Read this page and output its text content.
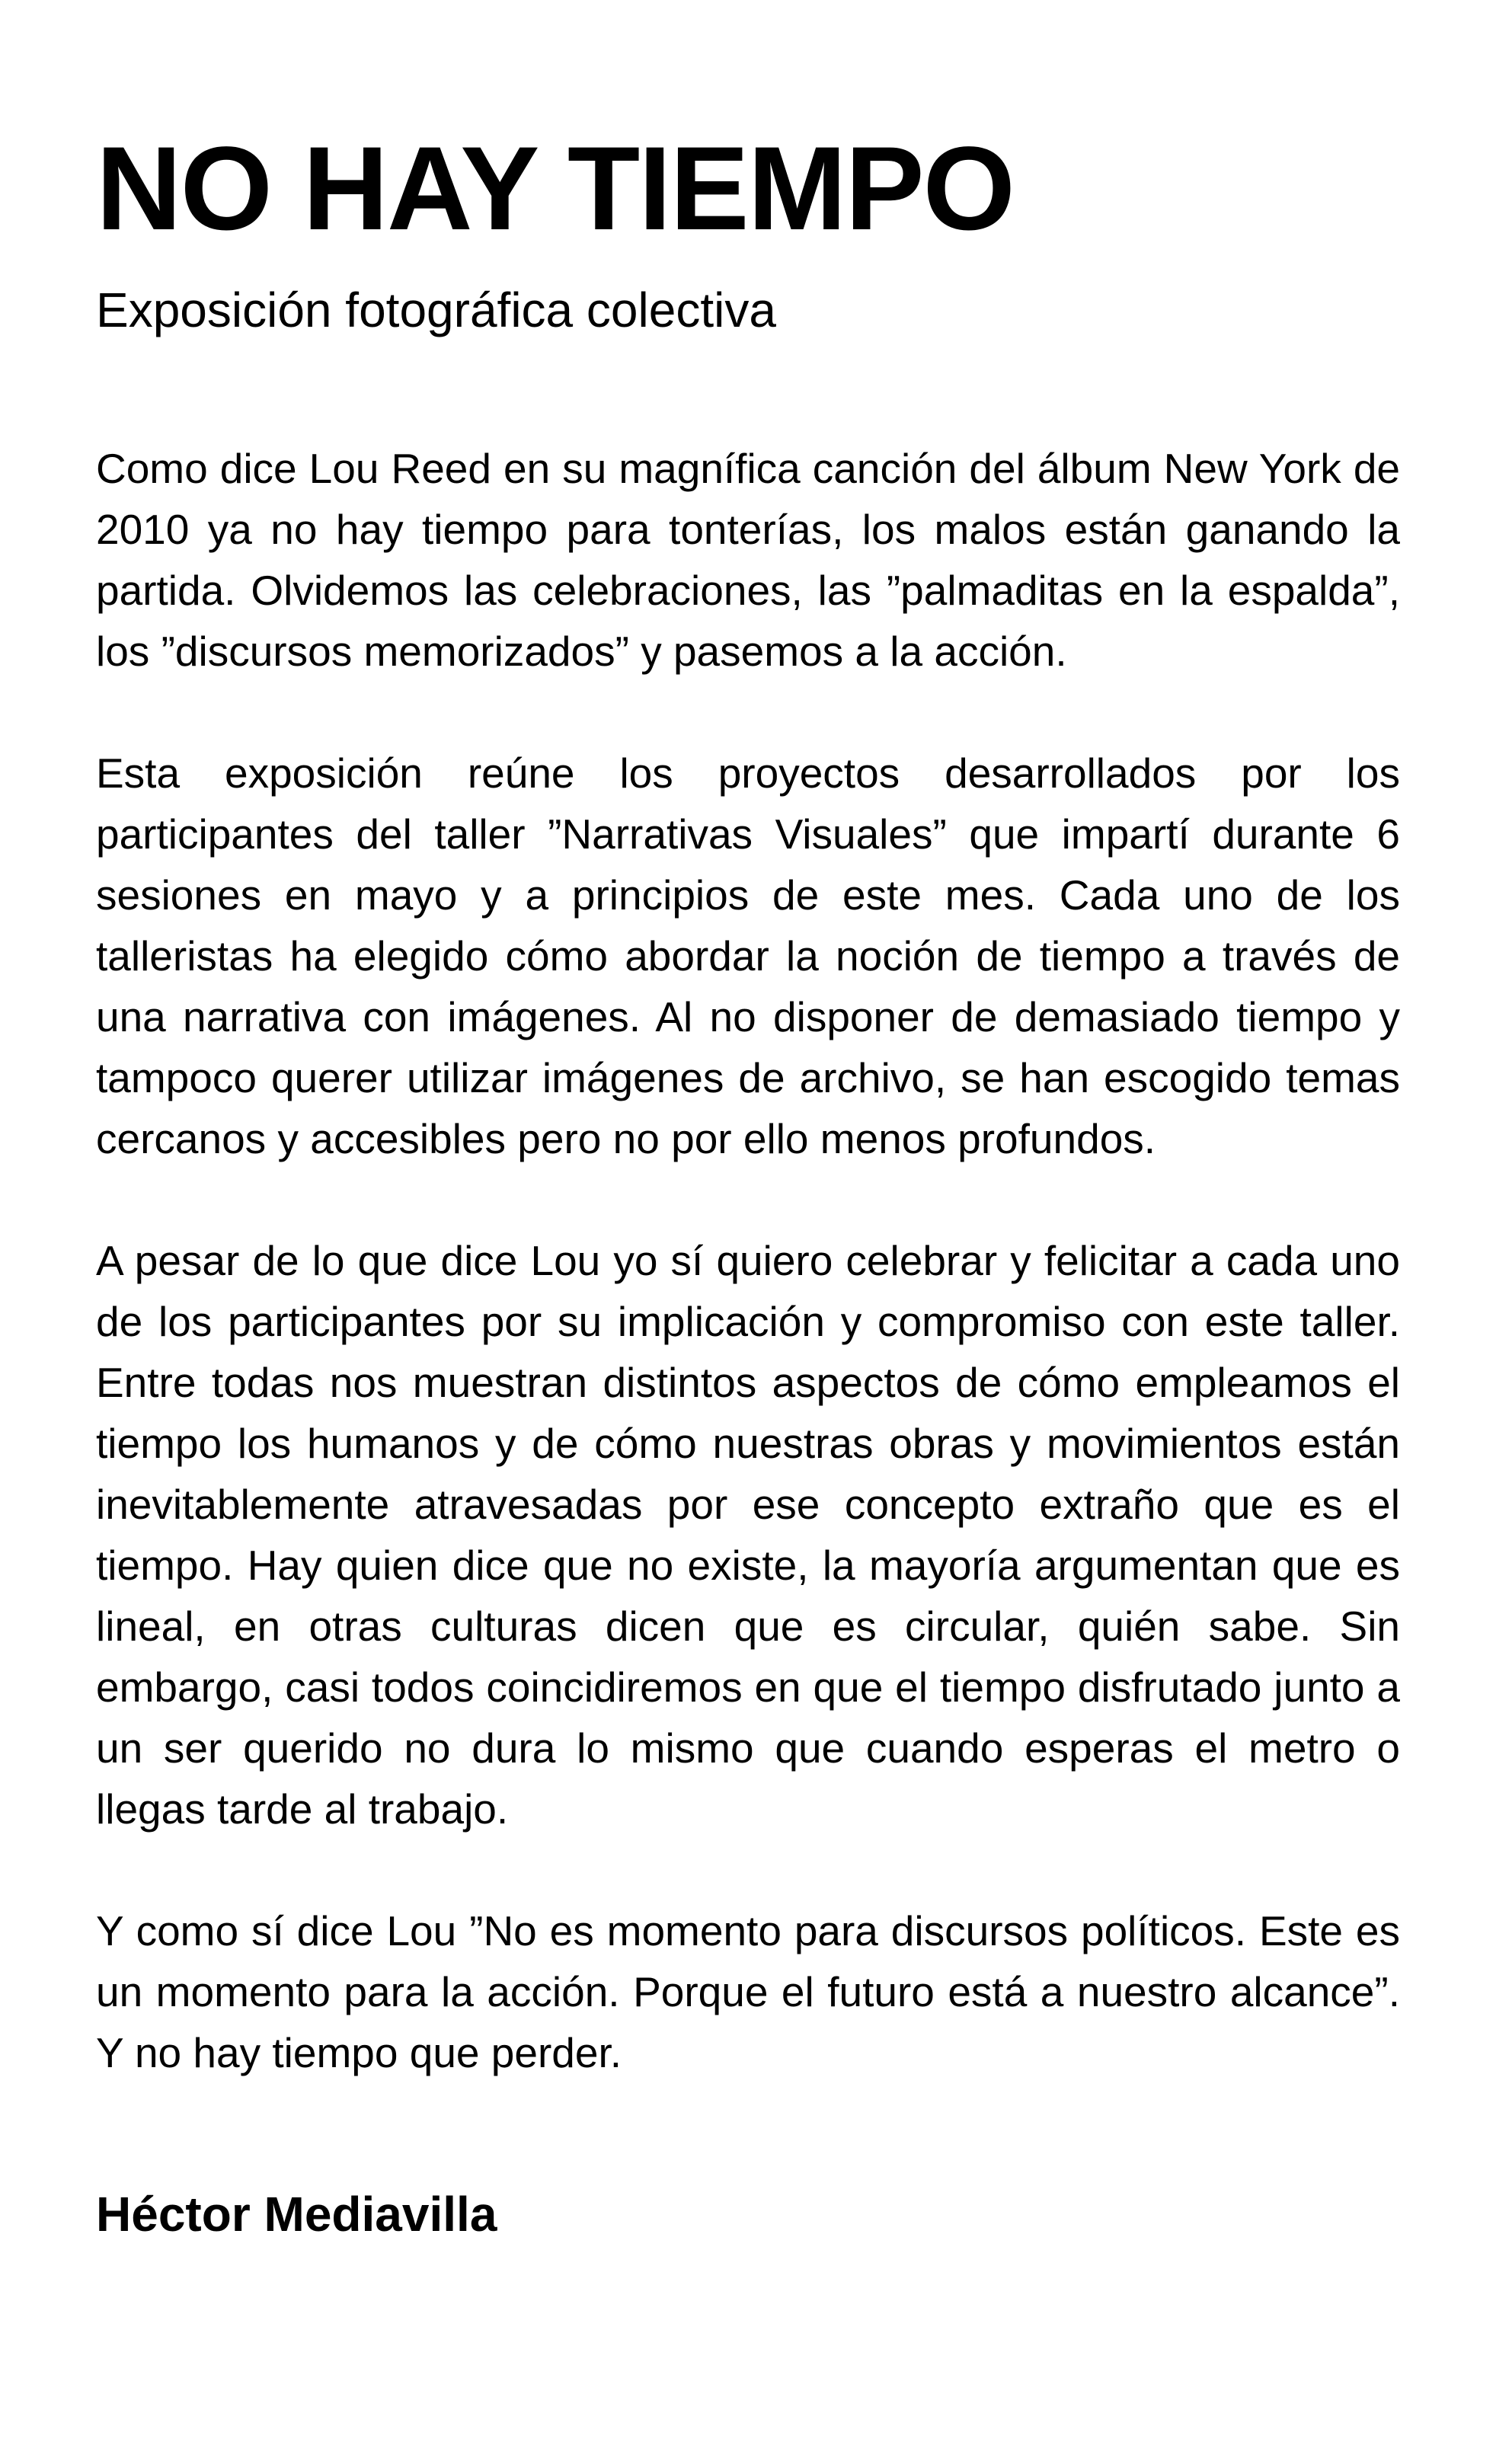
NO HAY TIEMPO
Exposición fotográfica colectiva

Como dice Lou Reed en su magnífica canción del álbum New York de 2010 ya no hay tiempo para tonterías, los malos están ganando la partida. Olvidemos las celebraciones, las ”palmaditas en la espalda”, los ”discursos memorizados” y pasemos a la acción.

Esta exposición reúne los proyectos desarrollados por los participantes del taller ”Narrativas Visuales” que impartí durante 6 sesiones en mayo y a principios de este mes. Cada uno de los talleristas ha elegido cómo abordar la noción de tiempo a través de una narrativa con imágenes. Al no disponer de demasiado tiempo y tampoco querer utilizar imágenes de archivo, se han escogido temas cercanos y accesibles pero no por ello menos profundos.

A pesar de lo que dice Lou yo sí quiero celebrar y felicitar a cada uno de los participantes por su implicación y compromiso con este taller. Entre todas nos muestran distintos aspectos de cómo empleamos el tiempo los humanos y de cómo nuestras obras y movimientos están inevitablemente atravesadas por ese concepto extraño que es el tiempo. Hay quien dice que no existe, la mayoría argumentan que es lineal, en otras culturas dicen que es circular, quién sabe. Sin embargo, casi todos coincidiremos en que el tiempo disfrutado junto a un ser querido no dura lo mismo que cuando esperas el metro o llegas tarde al trabajo.

Y como sí dice Lou ”No es momento para discursos políticos. Este es un momento para la acción. Porque el futuro está a nuestro alcance”. Y no hay tiempo que perder.

Héctor Mediavilla
